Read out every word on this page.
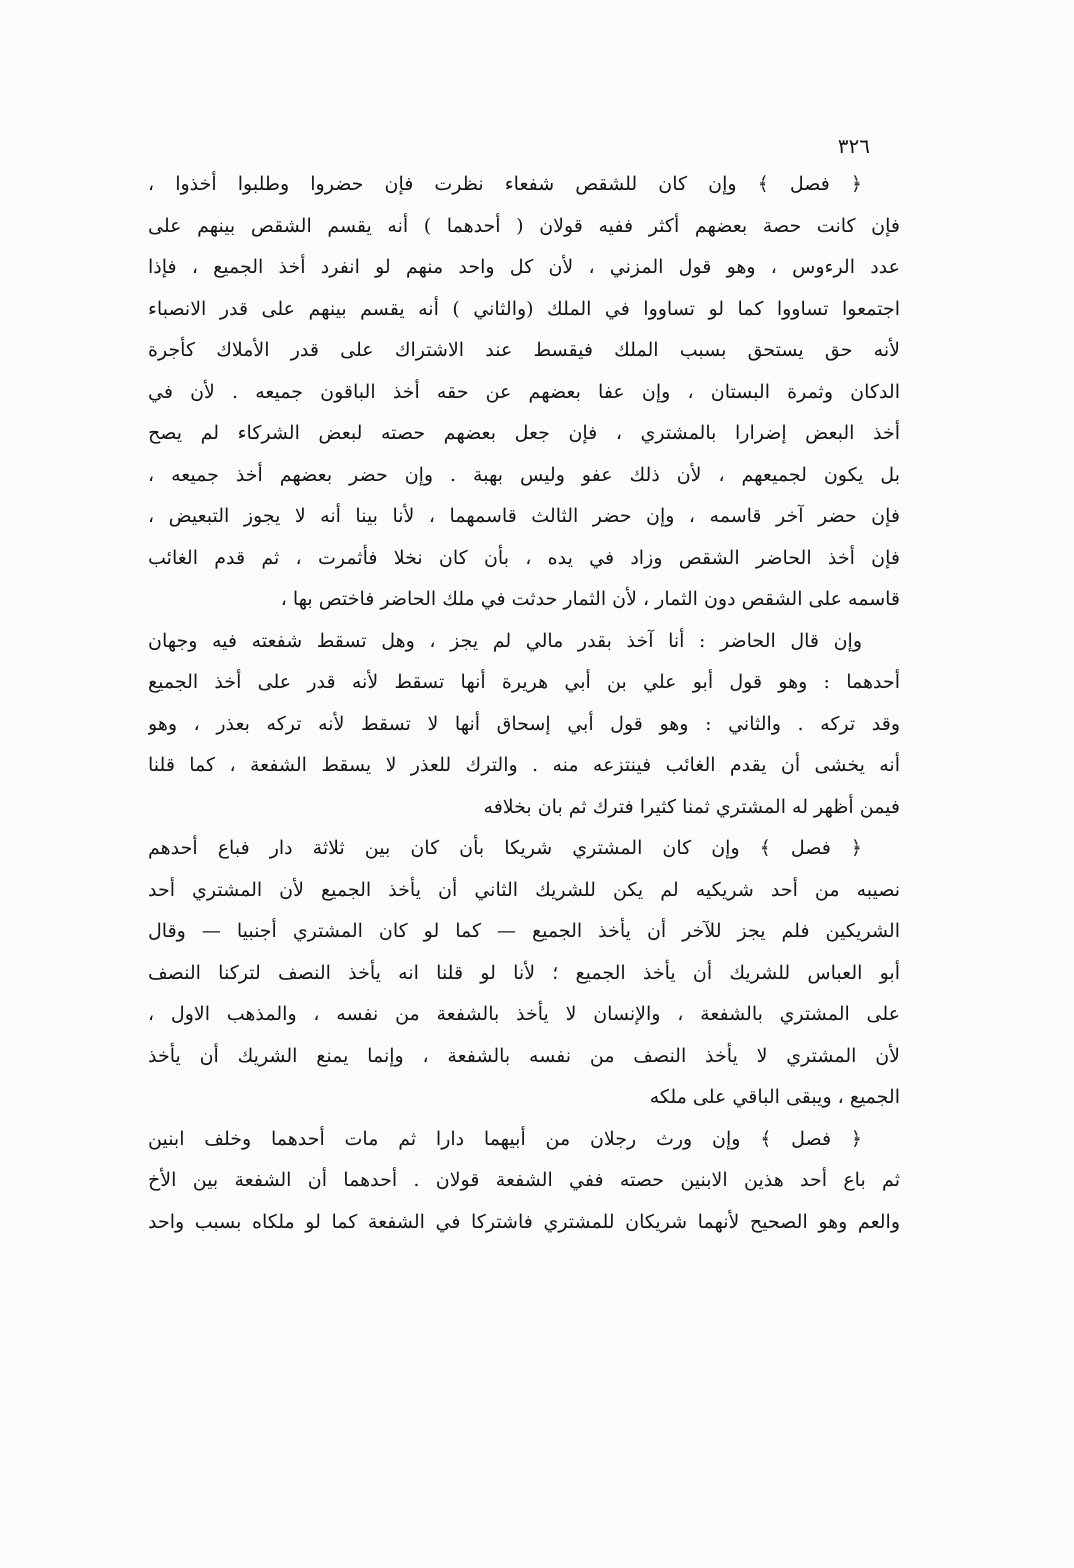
٣٢٦
﴿ فصل ﴾ وإن كان للشقص شفعاء نظرت فإن حضروا وطلبوا أخذوا ،
فإن كانت حصة بعضهم أكثر ففيه قولان ( أحدهما ) أنه يقسم الشقص بينهم على
عدد الرءوس ، وهو قول المزني ، لأن كل واحد منهم لو انفرد أخذ الجميع ، فإذا
اجتمعوا تساووا كما لو تساووا في الملك (والثاني ) أنه يقسم بينهم على قدر الانصباء
لأنه حق يستحق بسبب الملك فيقسط عند الاشتراك على قدر الأملاك كأجرة
الدكان وثمرة البستان ، وإن عفا بعضهم عن حقه أخذ الباقون جميعه . لأن في
أخذ البعض إضرارا بالمشتري ، فإن جعل بعضهم حصته لبعض الشركاء لم يصح
بل يكون لجميعهم ، لأن ذلك عفو وليس بهبة . وإن حضر بعضهم أخذ جميعه ،
فإن حضر آخر قاسمه ، وإن حضر الثالث قاسمهما ، لأنا بينا أنه لا يجوز التبعيض ،
فإن أخذ الحاضر الشقص وزاد في يده ، بأن كان نخلا فأثمرت ، ثم قدم الغائب
قاسمه على الشقص دون الثمار ، لأن الثمار حدثت في ملك الحاضر فاختص بها ،
وإن قال الحاضر : أنا آخذ بقدر مالي لم يجز ، وهل تسقط شفعته فيه وجهان
أحدهما : وهو قول أبو علي بن أبي هريرة أنها تسقط لأنه قدر على أخذ الجميع
وقد تركه . والثاني : وهو قول أبي إسحاق أنها لا تسقط لأنه تركه بعذر ، وهو
أنه يخشى أن يقدم الغائب فينتزعه منه . والترك للعذر لا يسقط الشفعة ، كما قلنا
فيمن أظهر له المشتري ثمنا كثيرا فترك ثم بان بخلافه
﴿ فصل ﴾ وإن كان المشتري شريكا بأن كان بين ثلاثة دار فباع أحدهم
نصيبه من أحد شريكيه لم يكن للشريك الثاني أن يأخذ الجميع لأن المشتري أحد
الشريكين فلم يجز للآخر أن يأخذ الجميع — كما لو كان المشتري أجنبيا — وقال
أبو العباس للشريك أن يأخذ الجميع ؛ لأنا لو قلنا انه يأخذ النصف لتركنا النصف
على المشتري بالشفعة ، والإنسان لا يأخذ بالشفعة من نفسه ، والمذهب الاول ،
لأن المشتري لا يأخذ النصف من نفسه بالشفعة ، وإنما يمنع الشريك أن يأخذ
الجميع ، ويبقى الباقي على ملكه
﴿ فصل ﴾ وإن ورث رجلان من أبيهما دارا ثم مات أحدهما وخلف ابنين
ثم باع أحد هذين الابنين حصته ففي الشفعة قولان . أحدهما أن الشفعة بين الأخ
والعم وهو الصحيح لأنهما شريكان للمشتري فاشتركا في الشفعة كما لو ملكاه بسبب واحد
